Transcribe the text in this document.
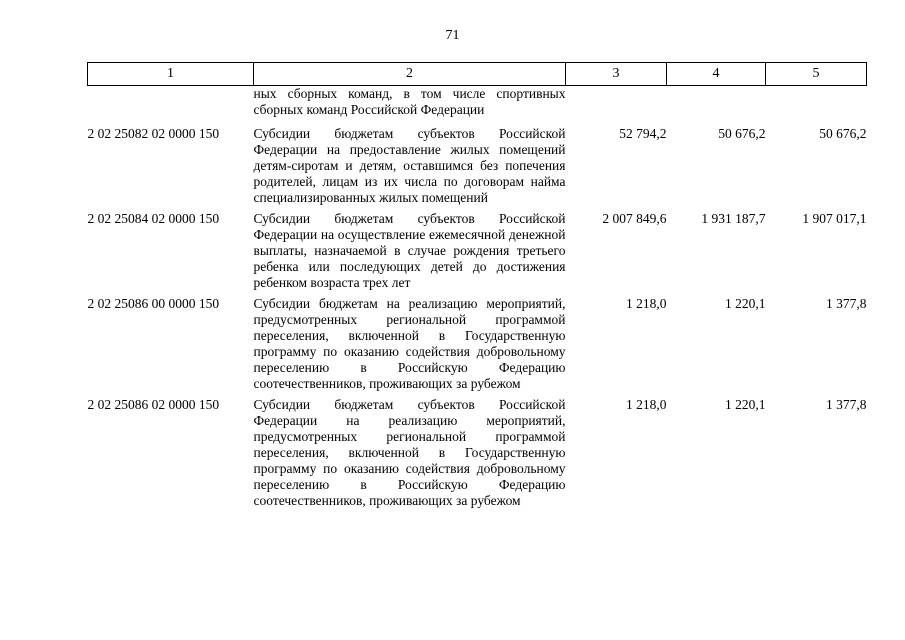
71
1	2	3	4	5
	ных сборных команд, в том числе спортивных сборных команд Российской Федерации			
2 02 25082 02 0000 150	Субсидии бюджетам субъектов Российской Федерации на предоставление жилых помещений детям-сиротам и детям, оставшимся без попечения родителей, лицам из их числа по договорам найма специализированных жилых помещений	52 794,2	50 676,2	50 676,2
2 02 25084 02 0000 150	Субсидии бюджетам субъектов Российской Федерации на осуществление ежемесячной денежной выплаты, назначаемой в случае рождения третьего ребенка или последующих детей до достижения ребенком возраста трех лет	2 007 849,6	1 931 187,7	1 907 017,1
2 02 25086 00 0000 150	Субсидии бюджетам на реализацию мероприятий, предусмотренных региональной программой переселения, включенной в Государственную программу по оказанию содействия добровольному переселению в Российскую Федерацию соотечественников, проживающих за рубежом	1 218,0	1 220,1	1 377,8
2 02 25086 02 0000 150	Субсидии бюджетам субъектов Российской Федерации на реализацию мероприятий, предусмотренных региональной программой переселения, включенной в Государственную программу по оказанию содействия добровольному переселению в Российскую Федерацию соотечественников, проживающих за рубежом	1 218,0	1 220,1	1 377,8
